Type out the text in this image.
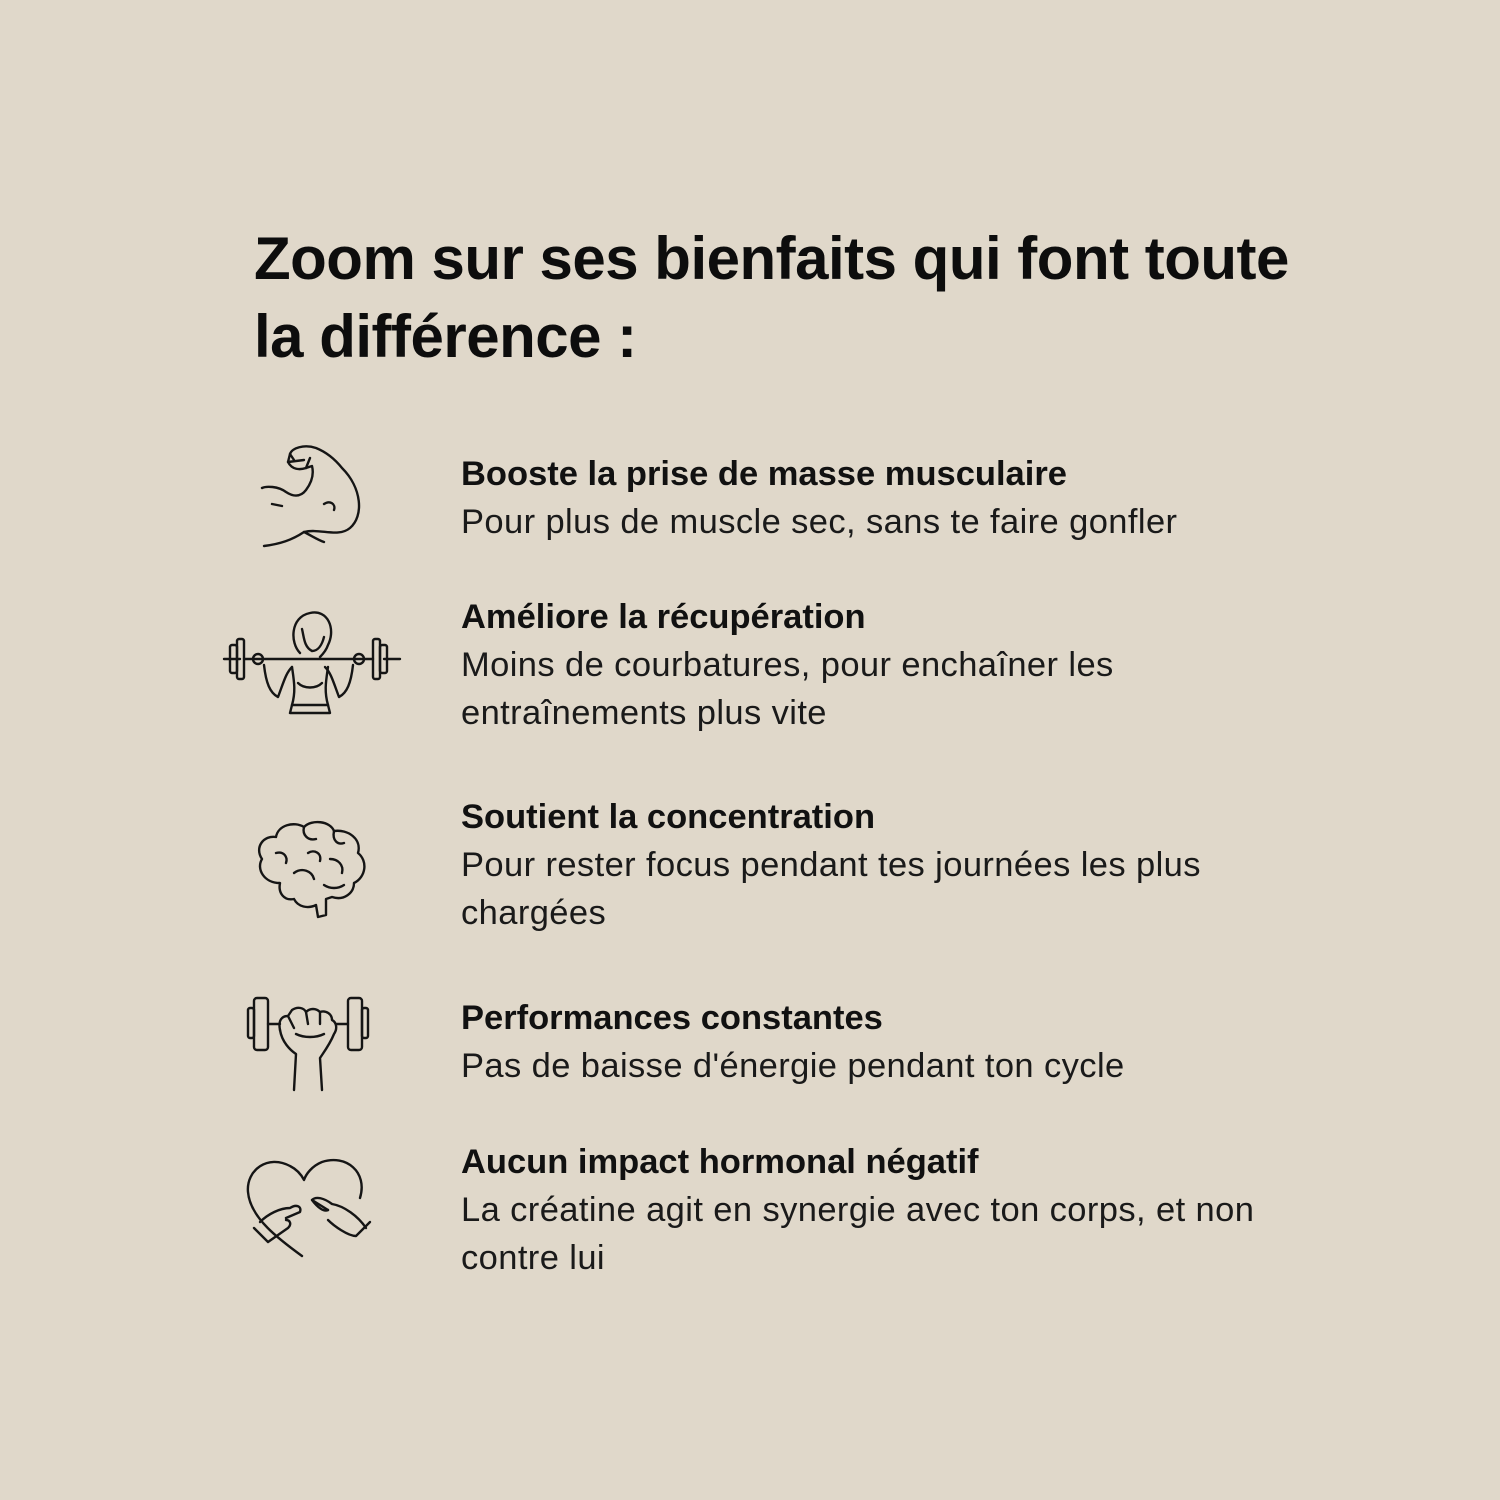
Zoom sur ses bienfaits qui font toute la différence :
Booste la prise de masse musculaire
Pour plus de muscle sec, sans te faire gonfler
Améliore la récupération
Moins de courbatures, pour enchaîner les entraînements plus vite
Soutient la concentration
Pour rester focus pendant tes journées les plus chargées
Performances constantes
Pas de baisse d'énergie pendant ton cycle
Aucun impact hormonal négatif
La créatine agit en synergie avec ton corps, et non contre lui
